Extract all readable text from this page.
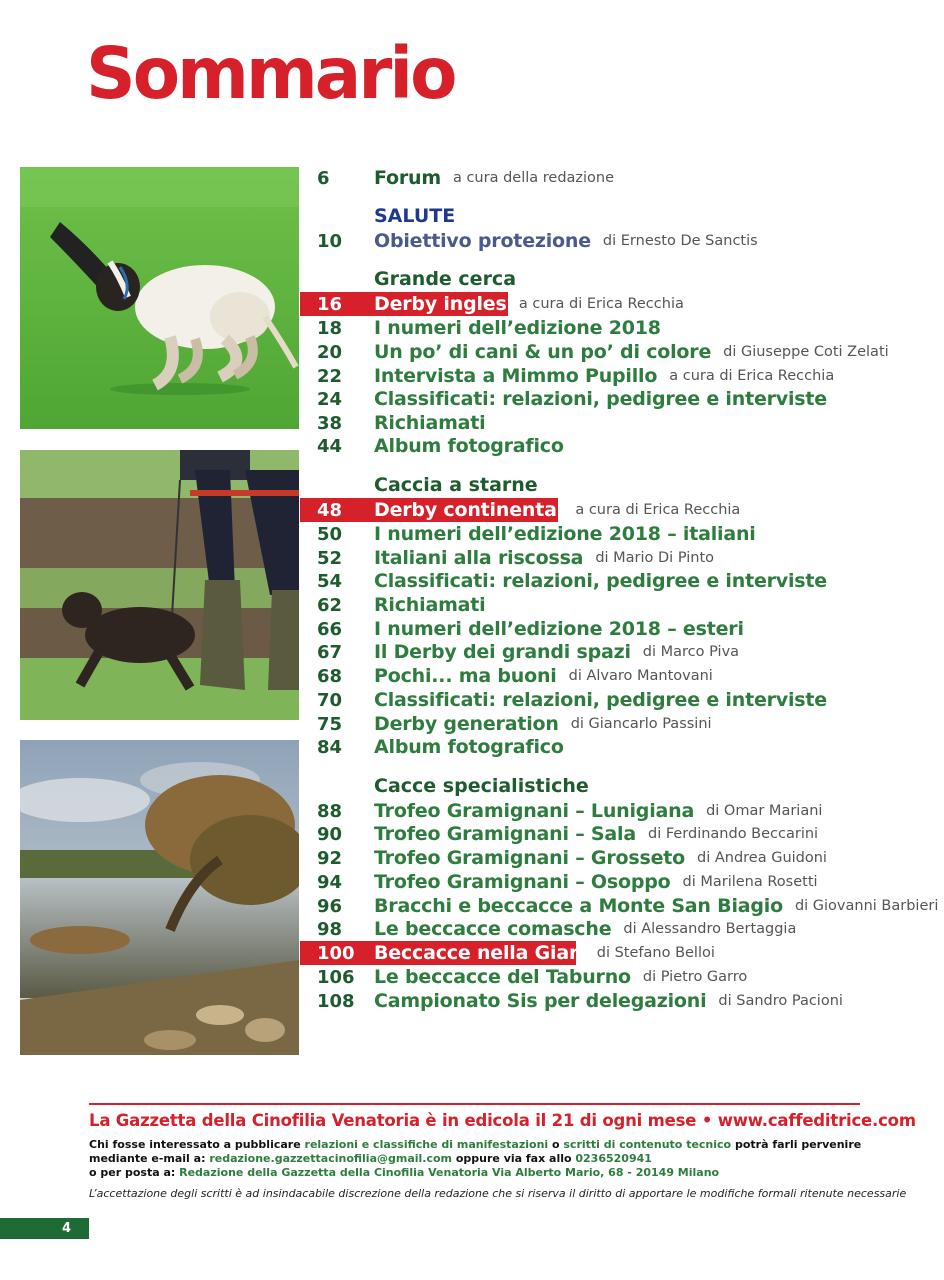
Sommario
6	Forum a cura della redazione
SALUTE
10	Obiettivo protezione di Ernesto De Sanctis
Grande cerca
16	Derby inglesi a cura di Erica Recchia
18	I numeri dell’edizione 2018
20	Un po’ di cani & un po’ di colore di Giuseppe Coti Zelati
22	Intervista a Mimmo Pupillo a cura di Erica Recchia
24	Classificati: relazioni, pedigree e interviste
38	Richiamati
44	Album fotografico
Caccia a starne
48	Derby continentali a cura di Erica Recchia
50	I numeri dell’edizione 2018 – italiani
52	Italiani alla riscossa di Mario Di Pinto
54	Classificati: relazioni, pedigree e interviste
62	Richiamati
66	I numeri dell’edizione 2018 – esteri
67	Il Derby dei grandi spazi di Marco Piva
68	Pochi... ma buoni di Alvaro Mantovani
70	Classificati: relazioni, pedigree e interviste
75	Derby generation di Giancarlo Passini
84	Album fotografico
Cacce specialistiche
88	Trofeo Gramignani – Lunigiana di Omar Mariani
90	Trofeo Gramignani – Sala di Ferdinando Beccarini
92	Trofeo Gramignani – Grosseto di Andrea Guidoni
94	Trofeo Gramignani – Osoppo di Marilena Rosetti
96	Bracchi e beccacce a Monte San Biagio di Giovanni Barbieri
98	Le beccacce comasche di Alessandro Bertaggia
100	Beccacce nella Giara di Stefano Belloi
106	Le beccacce del Taburno di Pietro Garro
108	Campionato Sis per delegazioni di Sandro Pacioni
La Gazzetta della Cinofilia Venatoria è in edicola il 21 di ogni mese • www.caffeditrice.com
Chi fosse interessato a pubblicare relazioni e classifiche di manifestazioni o scritti di contenuto tecnico potrà farli pervenire
mediante e-mail a: redazione.gazzettacinofilia@gmail.com oppure via fax allo 0236520941
o per posta a: Redazione della Gazzetta della Cinofilia Venatoria Via Alberto Mario, 68 - 20149 Milano
L’accettazione degli scritti è ad insindacabile discrezione della redazione che si riserva il diritto di apportare le modifiche formali ritenute necessarie
4
